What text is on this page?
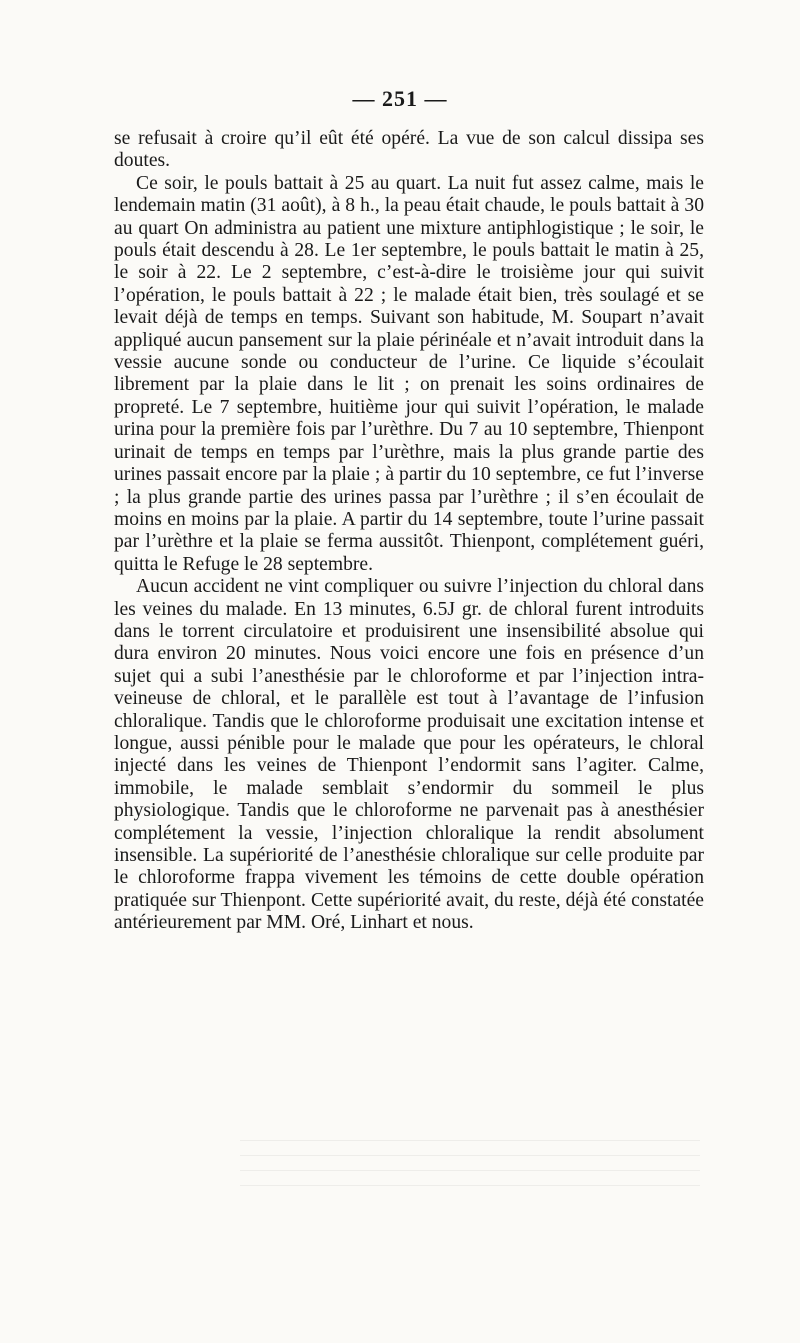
— 251 —

se refusait à croire qu’il eût été opéré. La vue de son calcul dissipa ses doutes.

Ce soir, le pouls battait à 25 au quart. La nuit fut assez calme, mais le lendemain matin (31 août), à 8 h., la peau était chaude, le pouls battait à 30 au quart On administra au patient une mixture antiphlogistique ; le soir, le pouls était descendu à 28. Le 1er septembre, le pouls battait le matin à 25, le soir à 22. Le 2 septembre, c’est-à-dire le troisième jour qui suivit l’opération, le pouls battait à 22 ; le malade était bien, très soulagé et se levait déjà de temps en temps. Suivant son habitude, M. Soupart n’avait appliqué aucun pansement sur la plaie périnéale et n’avait introduit dans la vessie aucune sonde ou conducteur de l’urine. Ce liquide s’écoulait librement par la plaie dans le lit ; on prenait les soins ordinaires de propreté. Le 7 septembre, huitième jour qui suivit l’opération, le malade urina pour la première fois par l’urèthre. Du 7 au 10 septembre, Thienpont urinait de temps en temps par l’urèthre, mais la plus grande partie des urines passait encore par la plaie ; à partir du 10 septembre, ce fut l’inverse ; la plus grande partie des urines passa par l’urèthre ; il s’en écoulait de moins en moins par la plaie. A partir du 14 septembre, toute l’urine passait par l’urèthre et la plaie se ferma aussitôt. Thienpont, complétement guéri, quitta le Refuge le 28 septembre.

Aucun accident ne vint compliquer ou suivre l’injection du chloral dans les veines du malade. En 13 minutes, 6.5J gr. de chloral furent introduits dans le torrent circulatoire et produisirent une insensibilité absolue qui dura environ 20 minutes. Nous voici encore une fois en présence d’un sujet qui a subi l’anesthésie par le chloroforme et par l’injection intra-veineuse de chloral, et le parallèle est tout à l’avantage de l’infusion chloralique. Tandis que le chloroforme produisait une excitation intense et longue, aussi pénible pour le malade que pour les opérateurs, le chloral injecté dans les veines de Thienpont l’endormit sans l’agiter. Calme, immobile, le malade semblait s’endormir du sommeil le plus physiologique. Tandis que le chloroforme ne parvenait pas à anesthésier complétement la vessie, l’injection chloralique la rendit absolument insensible. La supériorité de l’anesthésie chloralique sur celle produite par le chloroforme frappa vivement les témoins de cette double opération pratiquée sur Thienpont. Cette supériorité avait, du reste, déjà été constatée antérieurement par MM. Oré, Linhart et nous.
